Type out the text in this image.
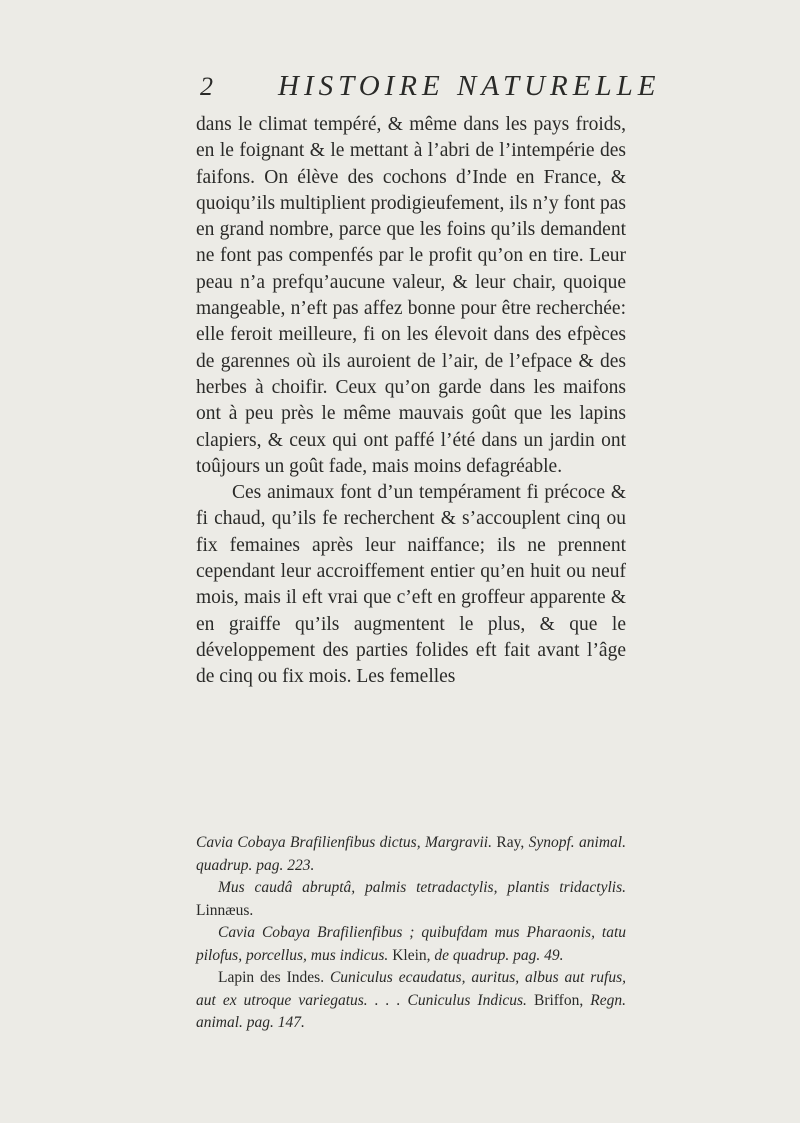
2 HISTOIRE NATURELLE

dans le climat tempéré, & même dans les pays froids, en le foignant & le mettant à l’abri de l’intempérie des faifons. On élève des cochons d’Inde en France, & quoiqu’ils multiplient prodigieufement, ils n’y font pas en grand nombre, parce que les foins qu’ils demandent ne font pas compenfés par le profit qu’on en tire. Leur peau n’a prefqu’aucune valeur, & leur chair, quoique mangeable, n’eft pas affez bonne pour être recherchée: elle feroit meilleure, fi on les élevoit dans des efpèces de garennes où ils auroient de l’air, de l’efpace & des herbes à choifir. Ceux qu’on garde dans les maifons ont à peu près le même mauvais goût que les lapins clapiers, & ceux qui ont paffé l’été dans un jardin ont toûjours un goût fade, mais moins defagréable.

Ces animaux font d’un tempérament fi précoce & fi chaud, qu’ils fe recherchent & s’accouplent cinq ou fix femaines après leur naiffance; ils ne prennent cependant leur accroiffement entier qu’en huit ou neuf mois, mais il eft vrai que c’eft en groffeur apparente & en graiffe qu’ils augmentent le plus, & que le développement des parties folides eft fait avant l’âge de cinq ou fix mois. Les femelles

Cavia Cobaya Brafilienfibus dictus, Margravii. Ray, Synopf. animal. quadrup. pag. 223.

Mus caudâ abruptâ, palmis tetradactylis, plantis tridactylis. Linnæus.

Cavia Cobaya Brafilienfibus ; quibufdam mus Pharaonis, tatu pilofus, porcellus, mus indicus. Klein, de quadrup. pag. 49.

Lapin des Indes. Cuniculus ecaudatus, auritus, albus aut rufus, aut ex utroque variegatus. . . . Cuniculus Indicus. Briffon, Regn. animal. pag. 147.
